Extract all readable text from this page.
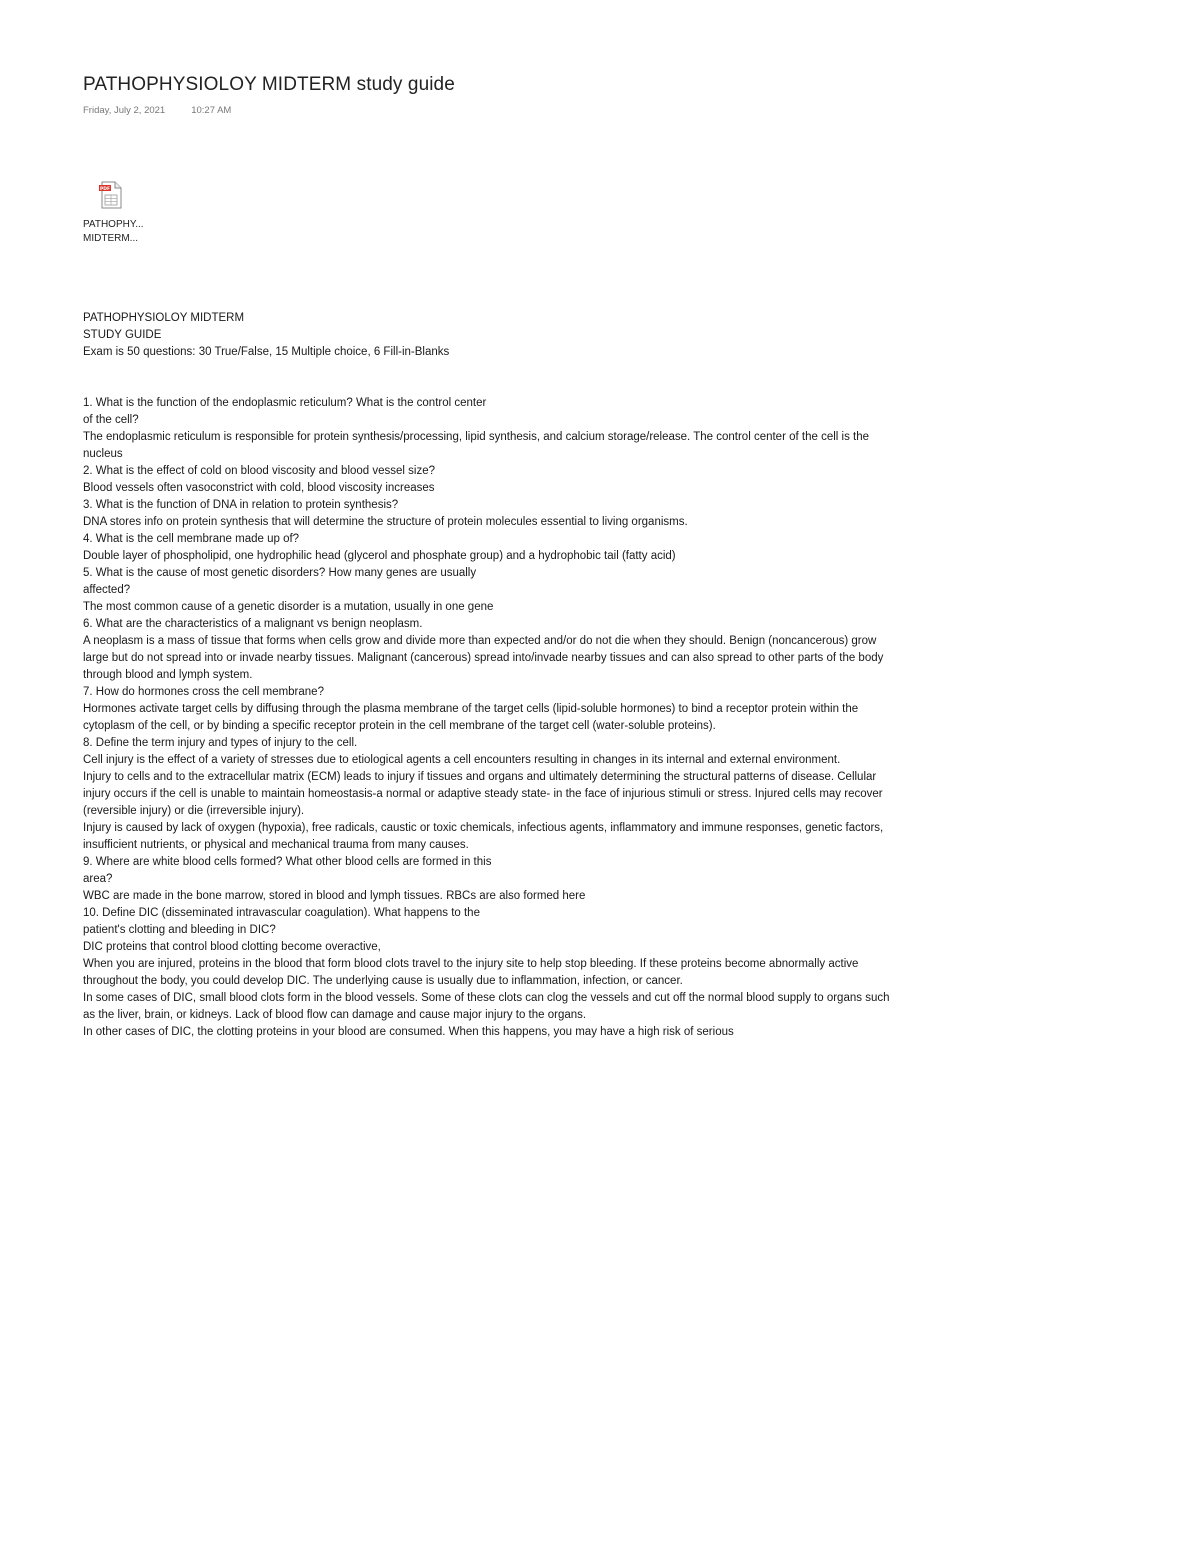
PATHOPHYSIOLOY MIDTERM study guide
Friday, July 2, 2021	10:27 AM
PDF
PATHOPHY...
MIDTERM...

PATHOPHYSIOLOY MIDTERM

STUDY GUIDE

Exam is 50 questions: 30 True/False, 15 Multiple choice, 6 Fill-in-Blanks

1. What is the function of the endoplasmic reticulum? What is the control center of the cell?

The endoplasmic reticulum is responsible for protein synthesis/processing, lipid synthesis, and calcium storage/release. The control center of the cell is the nucleus

2. What is the effect of cold on blood viscosity and blood vessel size?

Blood vessels often vasoconstrict with cold, blood viscosity increases

3. What is the function of DNA in relation to protein synthesis?

DNA stores info on protein synthesis that will determine the structure of protein molecules essential to living organisms.

4. What is the cell membrane made up of?

Double layer of phospholipid, one hydrophilic head (glycerol and phosphate group) and a hydrophobic tail (fatty acid)

5. What is the cause of most genetic disorders? How many genes are usually affected?

The most common cause of a genetic disorder is a mutation, usually in one gene

6. What are the characteristics of a malignant vs benign neoplasm.

A neoplasm is a mass of tissue that forms when cells grow and divide more than expected and/or do not die when they should. Benign (noncancerous) grow large but do not spread into or invade nearby tissues. Malignant (cancerous) spread into/invade nearby tissues and can also spread to other parts of the body through blood and lymph system.

7. How do hormones cross the cell membrane?

Hormones activate target cells by diffusing through the plasma membrane of the target cells (lipid-soluble hormones) to bind a receptor protein within the cytoplasm of the cell, or by binding a specific receptor protein in the cell membrane of the target cell (water-soluble proteins).

8. Define the term injury and types of injury to the cell.

Cell injury is the effect of a variety of stresses due to etiological agents a cell encounters resulting in changes in its internal and external environment.

Injury to cells and to the extracellular matrix (ECM) leads to injury if tissues and organs and ultimately determining the structural patterns of disease. Cellular injury occurs if the cell is unable to maintain homeostasis-a normal or adaptive steady state- in the face of injurious stimuli or stress. Injured cells may recover (reversible injury) or die (irreversible injury).

Injury is caused by lack of oxygen (hypoxia), free radicals, caustic or toxic chemicals, infectious agents, inflammatory and immune responses, genetic factors, insufficient nutrients, or physical and mechanical trauma from many causes.

9. Where are white blood cells formed? What other blood cells are formed in this area?

WBC are made in the bone marrow, stored in blood and lymph tissues. RBCs are also formed here

10. Define DIC (disseminated intravascular coagulation). What happens to the patient's clotting and bleeding in DIC?

DIC proteins that control blood clotting become overactive,

When you are injured, proteins in the blood that form blood clots travel to the injury site to help stop bleeding. If these proteins become abnormally active throughout the body, you could develop DIC. The underlying cause is usually due to inflammation, infection, or cancer.

In some cases of DIC, small blood clots form in the blood vessels. Some of these clots can clog the vessels and cut off the normal blood supply to organs such as the liver, brain, or kidneys. Lack of blood flow can damage and cause major injury to the organs.

In other cases of DIC, the clotting proteins in your blood are consumed. When this happens, you may have a high risk of serious
